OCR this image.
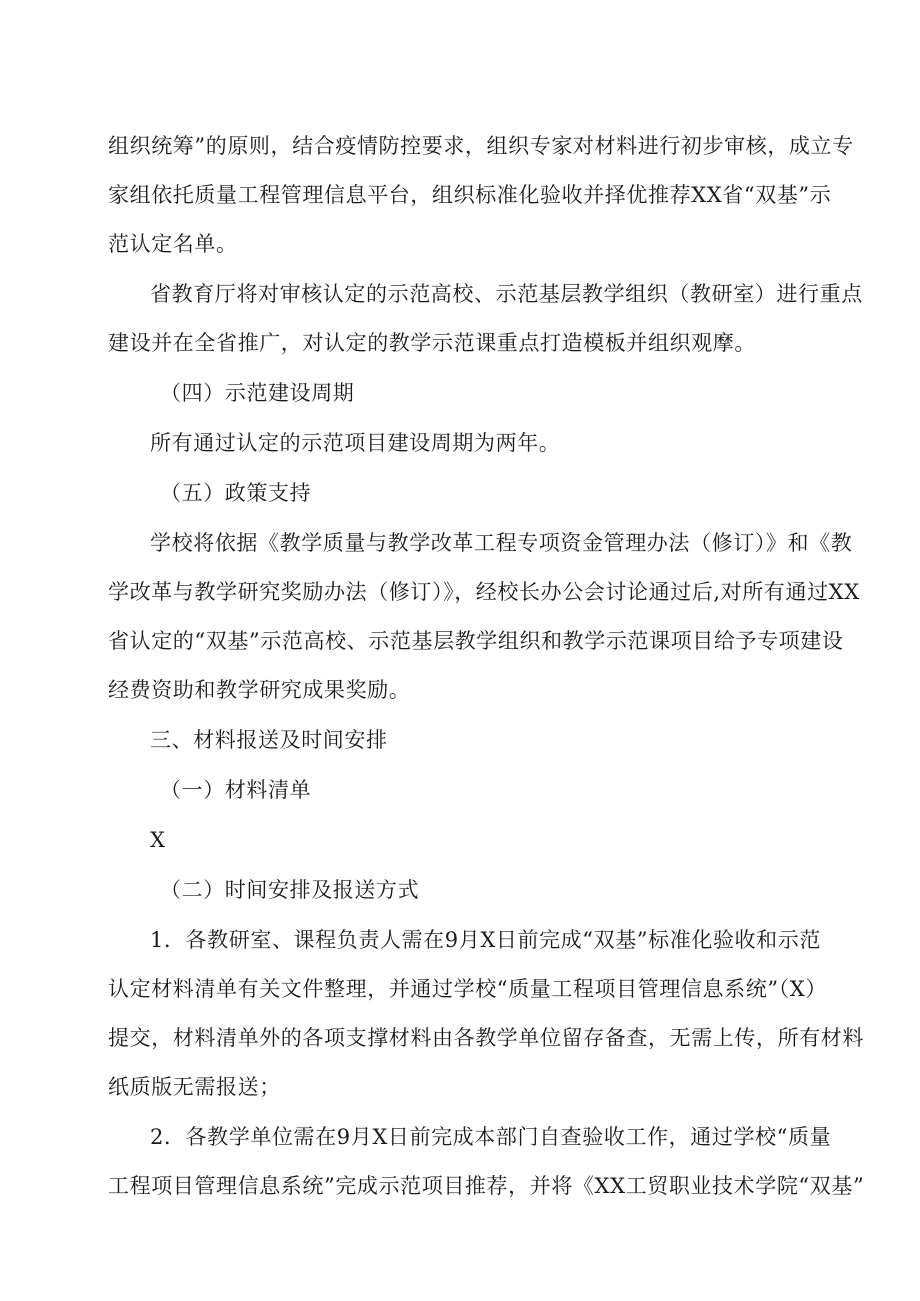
组织统筹”的原则，结合疫情防控要求，组织专家对材料进行初步审核，成立专
家组依托质量工程管理信息平台，组织标准化验收并择优推荐XX省“双基”示
范认定名单。
省教育厅将对审核认定的示范高校、示范基层教学组织（教研室）进行重点
建设并在全省推广，对认定的教学示范课重点打造模板并组织观摩。
（四）示范建设周期
所有通过认定的示范项目建设周期为两年。
（五）政策支持
学校将依据《教学质量与教学改革工程专项资金管理办法（修订）》和《教
学改革与教学研究奖励办法（修订）》，经校长办公会讨论通过后,对所有通过XX
省认定的“双基”示范高校、示范基层教学组织和教学示范课项目给予专项建设
经费资助和教学研究成果奖励。
三、材料报送及时间安排
（一）材料清单
X
（二）时间安排及报送方式
1．各教研室、课程负责人需在9月X日前完成“双基”标准化验收和示范
认定材料清单有关文件整理，并通过学校“质量工程项目管理信息系统”（X）
提交，材料清单外的各项支撑材料由各教学单位留存备查，无需上传，所有材料
纸质版无需报送；
2．各教学单位需在9月X日前完成本部门自查验收工作，通过学校“质量
工程项目管理信息系统”完成示范项目推荐，并将《XX工贸职业技术学院“双基”
